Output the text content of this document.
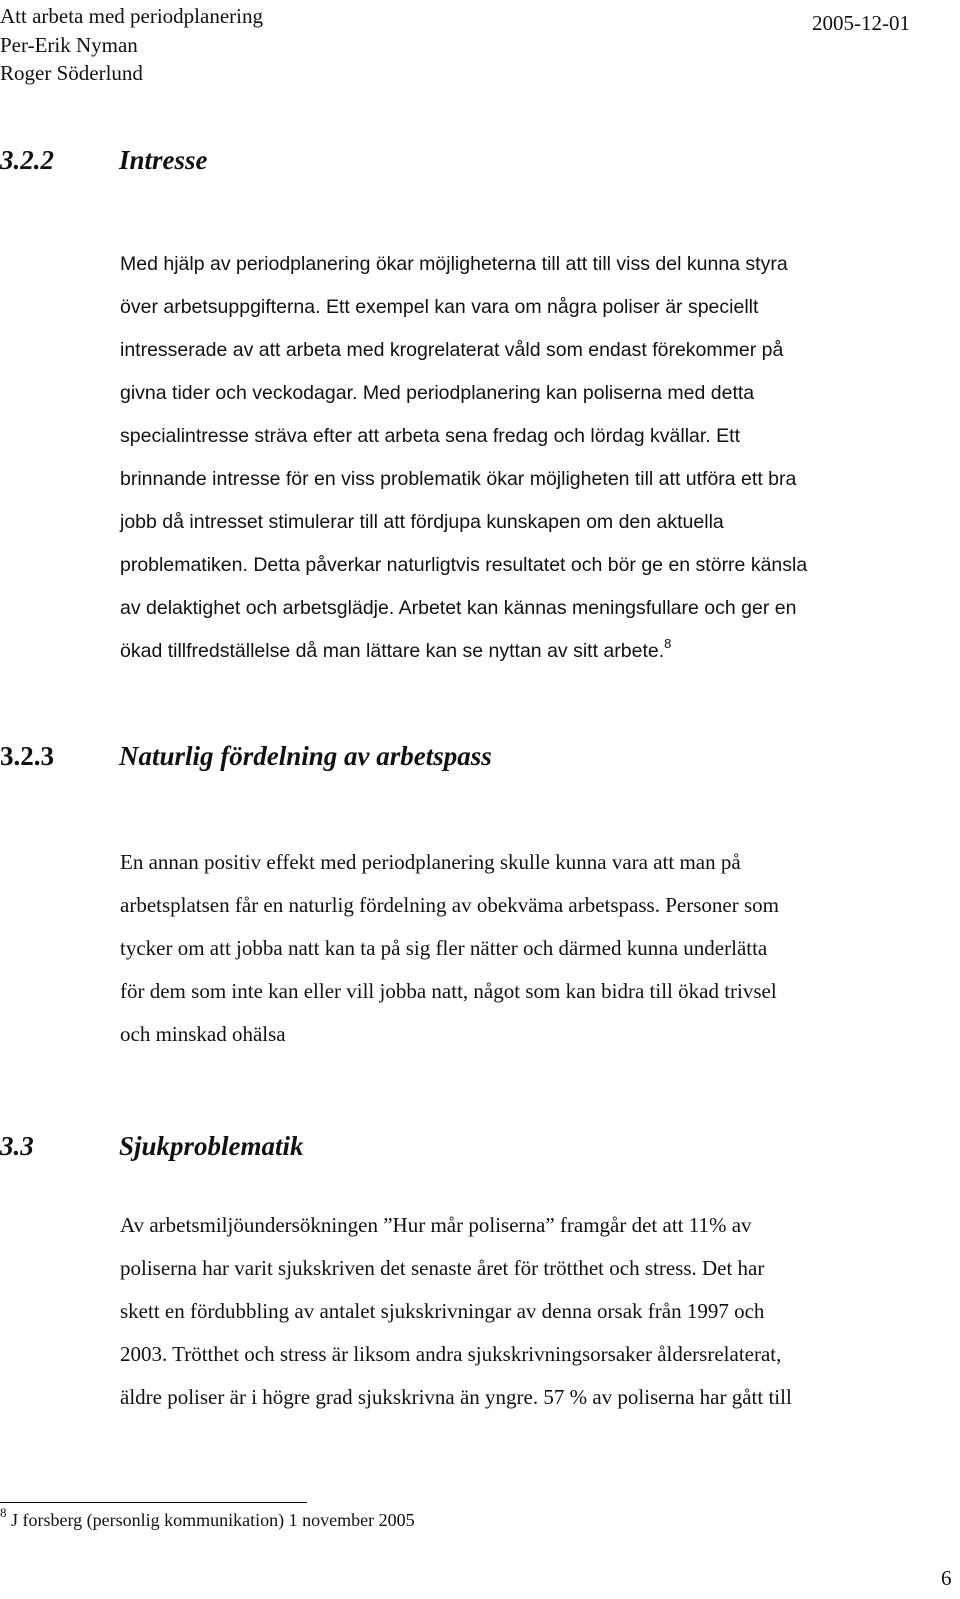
Att arbeta med periodplanering
Per-Erik Nyman
Roger Söderlund
2005-12-01
3.2.2 Intresse
Med hjälp av periodplanering ökar möjligheterna till att till viss del kunna styra
över arbetsuppgifterna. Ett exempel kan vara om några poliser är speciellt
intresserade av att arbeta med krogrelaterat våld som endast förekommer på
givna tider och veckodagar. Med periodplanering kan poliserna med detta
specialintresse sträva efter att arbeta sena fredag och lördag kvällar. Ett
brinnande intresse för en viss problematik ökar möjligheten till att utföra ett bra
jobb då intresset stimulerar till att fördjupa kunskapen om den aktuella
problematiken. Detta påverkar naturligtvis resultatet och bör ge en större känsla
av delaktighet och arbetsglädje. Arbetet kan kännas meningsfullare och ger en
ökad tillfredställelse då man lättare kan se nyttan av sitt arbete.$^8$
3.2.3 Naturlig fördelning av arbetspass
En annan positiv effekt med periodplanering skulle kunna vara att man på
arbetsplatsen får en naturlig fördelning av obekväma arbetspass. Personer som
tycker om att jobba natt kan ta på sig fler nätter och därmed kunna underlätta
för dem som inte kan eller vill jobba natt, något som kan bidra till ökad trivsel
och minskad ohälsa
3.3	Sjukproblematik
Av arbetsmiljöundersökningen ”Hur mår poliserna” framgår det att 11% av
poliserna har varit sjukskriven det senaste året för trötthet och stress. Det har
skett en fördubbling av antalet sjukskrivningar av denna orsak från 1997 och
2003. Trötthet och stress är liksom andra sjukskrivningsorsaker åldersrelaterat,
äldre poliser är i högre grad sjukskrivna än yngre. 57 % av poliserna har gått till
$^8$ J forsberg (personlig kommunikation) 1 november 2005
6
